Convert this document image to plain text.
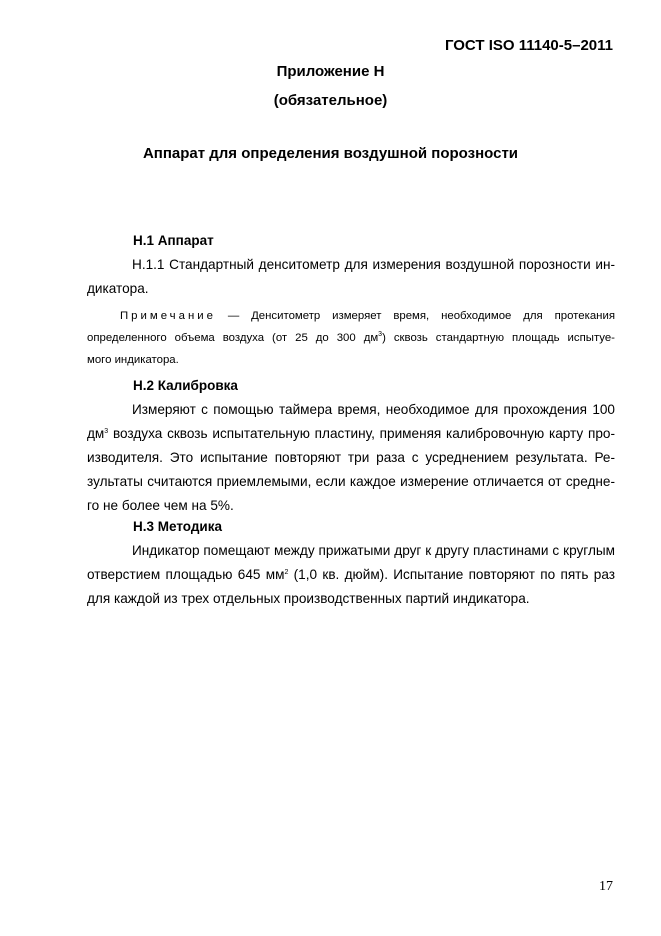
ГОСТ ISO 11140-5–2011
Приложение Н
(обязательное)
Аппарат для определения воздушной порозности
Н.1 Аппарат
Н.1.1 Стандартный денситометр для измерения воздушной порозности ин-
дикатора.
Примечание — Денситометр измеряет время, необходимое для протекания
определенного объема воздуха (от 25 до 300 $дм^3$) сквозь стандартную площадь испытуе-
мого индикатора.
Н.2 Калибровка
Измеряют с помощью таймера время, необходимое для прохождения 100
$дм^3$ воздуха сквозь испытательную пластину, применяя калибровочную карту про-
изводителя. Это испытание повторяют три раза с усреднением результата. Ре-
зультаты считаются приемлемыми, если каждое измерение отличается от средне-
го не более чем на 5%.
Н.3 Методика
Индикатор помещают между прижатыми друг к другу пластинами с круглым
отверстием площадью 645 $мм^2$ (1,0 кв. дюйм). Испытание повторяют по пять раз
для каждой из трех отдельных производственных партий индикатора.
17
